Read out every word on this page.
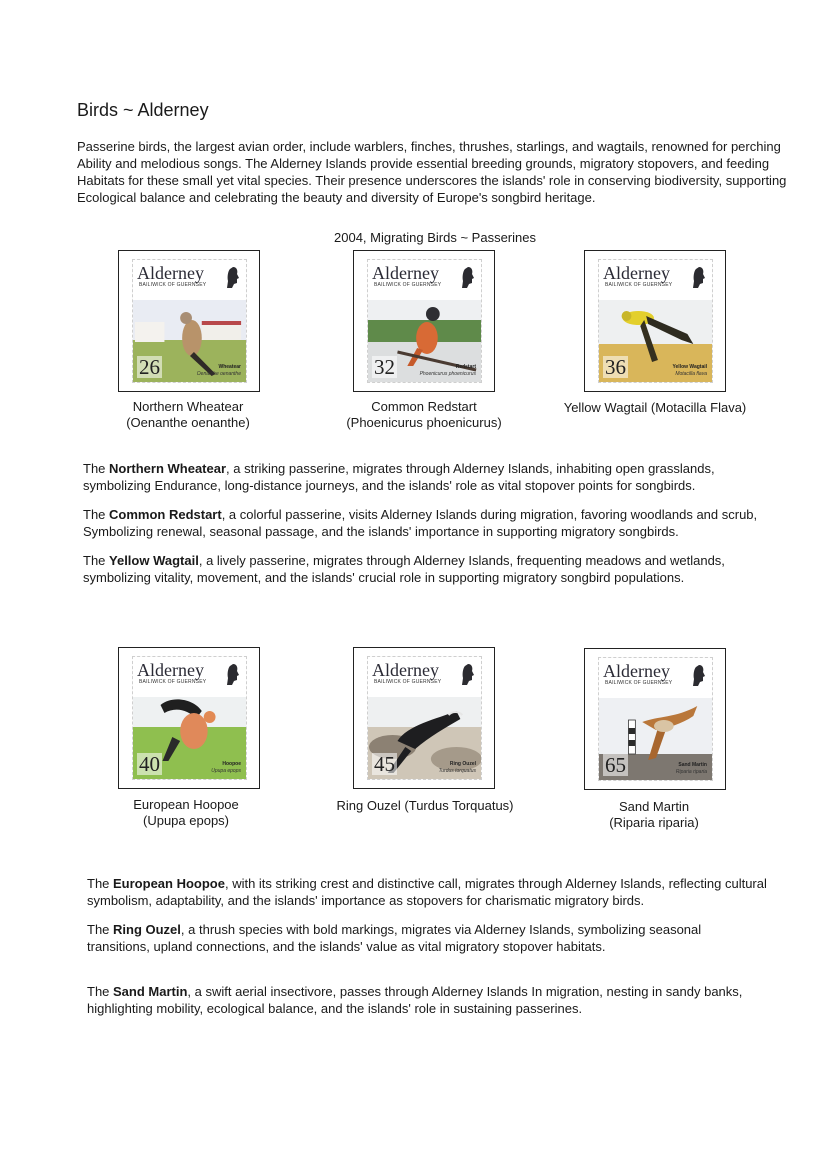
Birds ~ Alderney
Passerine birds, the largest avian order, include warblers, finches, thrushes, starlings, and wagtails, renowned for perching Ability and melodious songs. The Alderney Islands provide essential breeding grounds, migratory stopovers, and feeding Habitats for these small yet vital species. Their presence underscores the islands' role in conserving biodiversity, supporting Ecological balance and celebrating the beauty and diversity of Europe's songbird heritage.
2004, Migrating Birds ~ Passerines
Alderney
BAILIWICK OF GUERNSEY
26	Wheatear
Oenanthe oenanthe
Alderney
BAILIWICK OF GUERNSEY
32	Redstart
Phoenicurus phoenicurus
Alderney
BAILIWICK OF GUERNSEY
36	Yellow Wagtail
Motacilla flava
Northern Wheatear
(Oenanthe oenanthe)
Common Redstart
(Phoenicurus phoenicurus)
Yellow Wagtail (Motacilla Flava)
The Northern Wheatear, a striking passerine, migrates through Alderney Islands, inhabiting open grasslands, symbolizing Endurance, long-distance journeys, and the islands' role as vital stopover points for songbirds.
The Common Redstart, a colorful passerine, visits Alderney Islands during migration, favoring woodlands and scrub, Symbolizing renewal, seasonal passage, and the islands' importance in supporting migratory songbirds.
The Yellow Wagtail, a lively passerine, migrates through Alderney Islands, frequenting meadows and wetlands, symbolizing vitality, movement, and the islands' crucial role in supporting migratory songbird populations.
Alderney
BAILIWICK OF GUERNSEY
40	Hoopoe
Upupa epops
Alderney
BAILIWICK OF GUERNSEY
45	Ring Ouzel
Turdus torquatus
Alderney
BAILIWICK OF GUERNSEY
65	Sand Martin
Riparia riparia
European Hoopoe
(Upupa epops)
Ring Ouzel (Turdus Torquatus)	Sand Martin
(Riparia riparia)
The European Hoopoe, with its striking crest and distinctive call, migrates through Alderney Islands, reflecting cultural symbolism, adaptability, and the islands' importance as stopovers for charismatic migratory birds.
The Ring Ouzel, a thrush species with bold markings, migrates via Alderney Islands, symbolizing seasonal transitions, upland connections, and the islands' value as vital migratory stopover habitats.
The Sand Martin, a swift aerial insectivore, passes through Alderney Islands In migration, nesting in sandy banks, highlighting mobility, ecological balance, and the islands' role in sustaining passerines.
